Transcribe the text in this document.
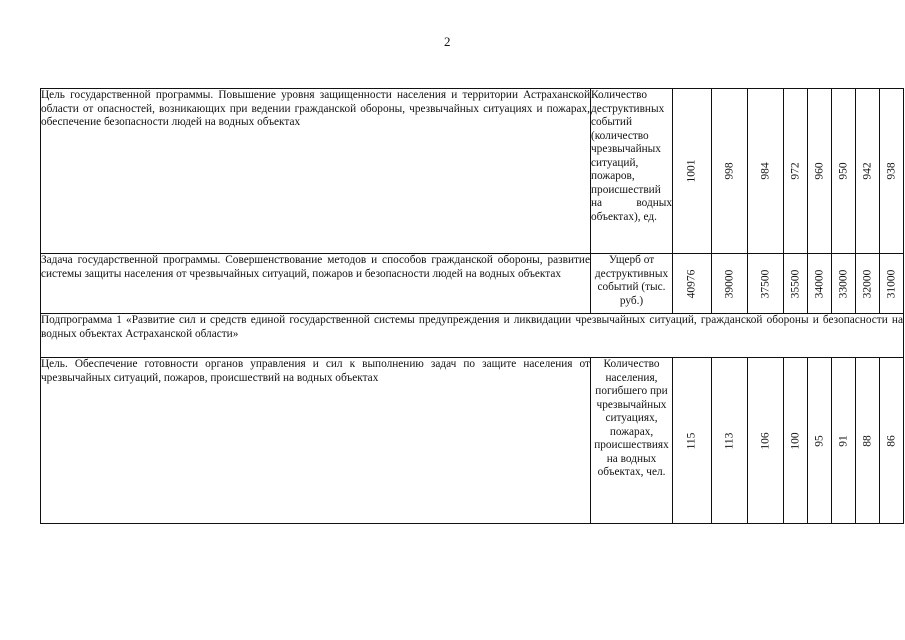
2
Цель государственной программы. Повышение уровня защищенности населения и территории Астраханской области от опасностей, возникающих при ведении гражданской обороны, чрезвычайных ситуациях и пожарах, обеспечение безопасности людей на водных объектах	Количество деструктивных событий (количество чрезвычайных ситуаций, пожаров, происшествий на водных объектах), ед.	1001	998	984	972	960	950	942	938

Задача государственной программы. Совершенствование методов и способов гражданской обороны, развитие системы защиты населения от чрезвычайных ситуаций, пожаров и безопасности людей на водных объектах	Ущерб от деструктивных событий (тыс. руб.)	40976	39000	37500	35500	34000	33000	32000	31000

Подпрограмма 1 «Развитие сил и средств единой государственной системы предупреждения и ликвидации чрезвычайных ситуаций, гражданской обороны и безопасности на водных объектах Астраханской области»									
Цель. Обеспечение готовности органов управления и сил к выполнению задач по защите населения от чрезвычайных ситуаций, пожаров, происшествий на водных объектах	Количество населения, погибшего при чрезвычайных ситуациях, пожарах, происшествиях на водных объектах, чел.	115	113	106	100	95	91	88	86
